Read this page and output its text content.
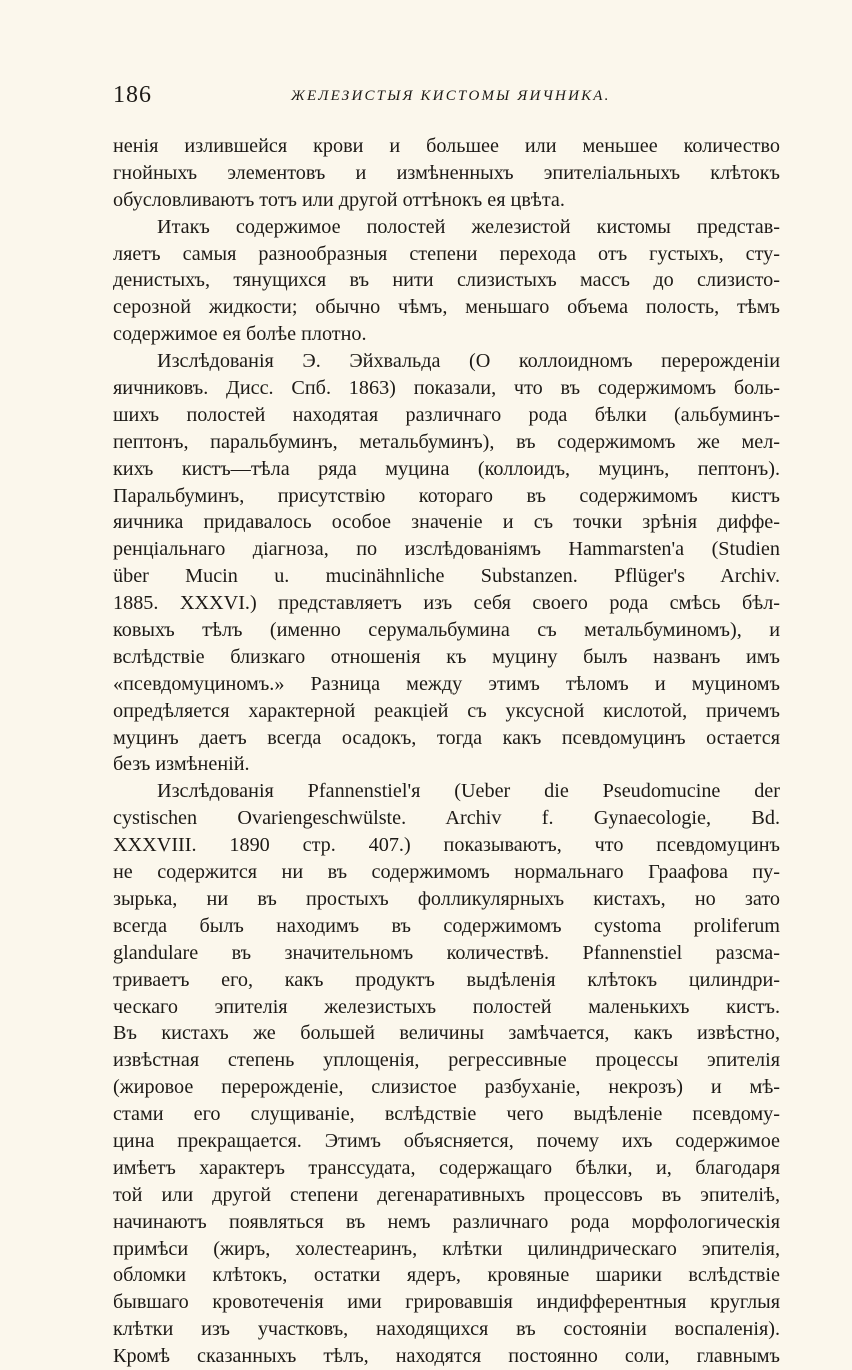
186	ЖЕЛЕЗИСТЫЯ КИСТОМЫ ЯИЧНИКА.
ненія излившейся крови и большее или меньшее количество
гнойныхъ элементовъ и измѣненныхъ эпителіальныхъ клѣтокъ
обусловливаютъ тотъ или другой оттѣнокъ ея цвѣта.
Итакъ содержимое полостей железистой кистомы представ-
ляетъ самыя разнообразныя степени перехода отъ густыхъ, сту-
денистыхъ, тянущихся въ нити слизистыхъ массъ до слизисто-
серозной жидкости; обычно чѣмъ, меньшаго объема полость, тѣмъ
содержимое ея болѣе плотно.
Изслѣдованія Э. Эйхвальда (О коллоидномъ перерожденіи
яичниковъ. Дисс. Спб. 1863) показали, что въ содержимомъ боль-
шихъ полостей находятая различнаго рода бѣлки (альбуминъ-
пептонъ, паральбуминъ, метальбуминъ), въ содержимомъ же мел-
кихъ кистъ—тѣла ряда муцина (коллоидъ, муцинъ, пептонъ).
Паральбуминъ, присутствію котораго въ содержимомъ кистъ
яичника придавалось особое значеніе и съ точки зрѣнія диффе-
ренціальнаго діагноза, по изслѣдованіямъ Hammarsten'a (Studien
über Mucin u. mucinähnliche Substanzen. Pflüger's Archiv.
1885. XXXVI.) представляетъ изъ себя своего рода смѣсь бѣл-
ковыхъ тѣлъ (именно серумальбумина съ метальбуминомъ), и
вслѣдствіе близкаго отношенія къ муцину былъ названъ имъ
«псевдомуциномъ.» Разница между этимъ тѣломъ и муциномъ
опредѣляется характерной реакціей съ уксусной кислотой, причемъ
муцинъ даетъ всегда осадокъ, тогда какъ псевдомуцинъ остается
безъ измѣненій.
Изслѣдованія Pfannenstiel'я (Ueber die Pseudomucine der
cystischen Ovariengeschwülste. Archiv f. Gynaecologie, Bd.
XXXVIII. 1890 стр. 407.) показываютъ, что псевдомуцинъ
не содержится ни въ содержимомъ нормальнаго Граафова пу-
зырька, ни въ простыхъ фолликулярныхъ кистахъ, но зато
всегда былъ находимъ въ содержимомъ cystoma proliferum
glandulare въ значительномъ количествѣ. Pfannenstiel разсма-
триваетъ его, какъ продуктъ выдѣленія клѣтокъ цилиндри-
ческаго эпителія железистыхъ полостей маленькихъ кистъ.
Въ кистахъ же большей величины замѣчается, какъ извѣстно,
извѣстная степень уплощенія, регрессивные процессы эпителія
(жировое перерожденіе, слизистое разбуханіе, некрозъ) и мѣ-
стами его слущиваніе, вслѣдствіе чего выдѣленіе псевдому-
цина прекращается. Этимъ объясняется, почему ихъ содержимое
имѣетъ характеръ транссудата, содержащаго бѣлки, и, благодаря
той или другой степени дегенаративныхъ процессовъ въ эпителіѣ,
начинаютъ появляться въ немъ различнаго рода морфологическія
примѣси (жиръ, холестеаринъ, клѣтки цилиндрическаго эпителія,
обломки клѣтокъ, остатки ядеръ, кровяные шарики вслѣдствіе
бывшаго кровотеченія ими грировавшія индифферентныя круглыя
клѣтки изъ участковъ, находящихся въ состояніи воспаленія).
Кромѣ сказанныхъ тѣлъ, находятся постоянно соли, главнымъ
